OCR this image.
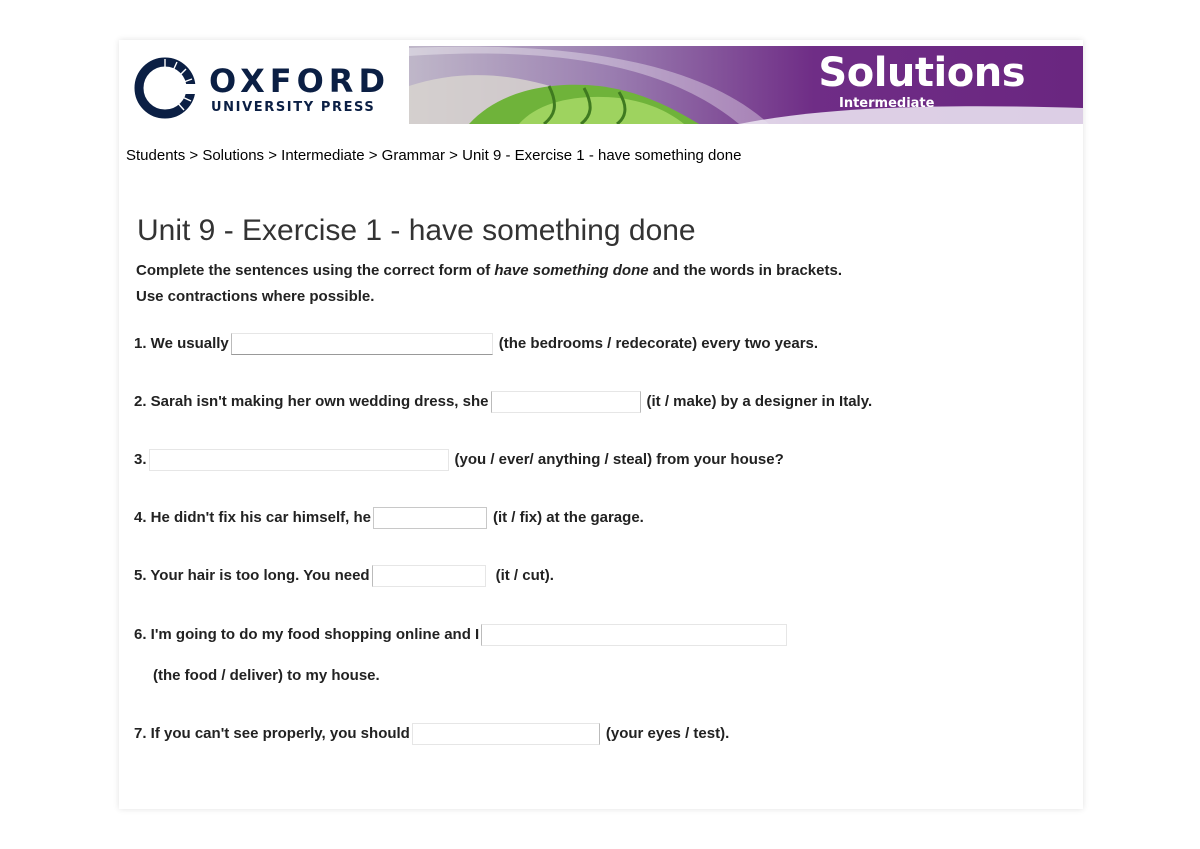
OXFORD
UNIVERSITY PRESS
Solutions
Intermediate
Students > Solutions > Intermediate > Grammar > Unit 9 - Exercise 1 - have something done
Unit 9 - Exercise 1 - have something done
Complete the sentences using the correct form of have something done and the words in brackets.
Use contractions where possible.
1. We usually	(the bedrooms / redecorate) every two years.
2. Sarah isn't making her own wedding dress, she	(it / make) by a designer in Italy.
3.	(you / ever/ anything / steal) from your house?
4. He didn't fix his car himself, he	(it / fix) at the garage.
5. Your hair is too long. You need	(it / cut).
6. I'm going to do my food shopping online and I
(the food / deliver) to my house.
7. If you can't see properly, you should	(your eyes / test).
